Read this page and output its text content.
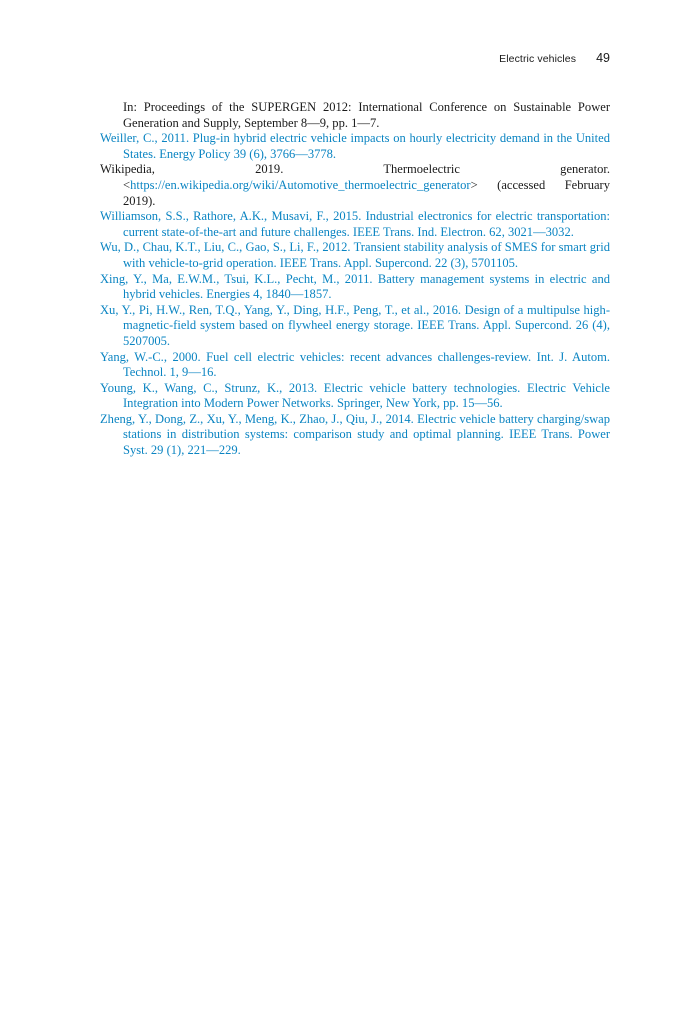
Electric vehicles 49
In: Proceedings of the SUPERGEN 2012: International Conference on Sustainable Power Generation and Supply, September 8—9, pp. 1—7.
Weiller, C., 2011. Plug-in hybrid electric vehicle impacts on hourly electricity demand in the United States. Energy Policy 39 (6), 3766—3778.
Wikipedia, 2019. Thermoelectric generator. <https://en.wikipedia.org/wiki/Automotive_thermoelectric_generator> (accessed February 2019).
Williamson, S.S., Rathore, A.K., Musavi, F., 2015. Industrial electronics for electric transportation: current state-of-the-art and future challenges. IEEE Trans. Ind. Electron. 62, 3021—3032.
Wu, D., Chau, K.T., Liu, C., Gao, S., Li, F., 2012. Transient stability analysis of SMES for smart grid with vehicle-to-grid operation. IEEE Trans. Appl. Supercond. 22 (3), 5701105.
Xing, Y., Ma, E.W.M., Tsui, K.L., Pecht, M., 2011. Battery management systems in electric and hybrid vehicles. Energies 4, 1840—1857.
Xu, Y., Pi, H.W., Ren, T.Q., Yang, Y., Ding, H.F., Peng, T., et al., 2016. Design of a multipulse high-magnetic-field system based on flywheel energy storage. IEEE Trans. Appl. Supercond. 26 (4), 5207005.
Yang, W.-C., 2000. Fuel cell electric vehicles: recent advances challenges-review. Int. J. Autom. Technol. 1, 9—16.
Young, K., Wang, C., Strunz, K., 2013. Electric vehicle battery technologies. Electric Vehicle Integration into Modern Power Networks. Springer, New York, pp. 15—56.
Zheng, Y., Dong, Z., Xu, Y., Meng, K., Zhao, J., Qiu, J., 2014. Electric vehicle battery charging/swap stations in distribution systems: comparison study and optimal planning. IEEE Trans. Power Syst. 29 (1), 221—229.
